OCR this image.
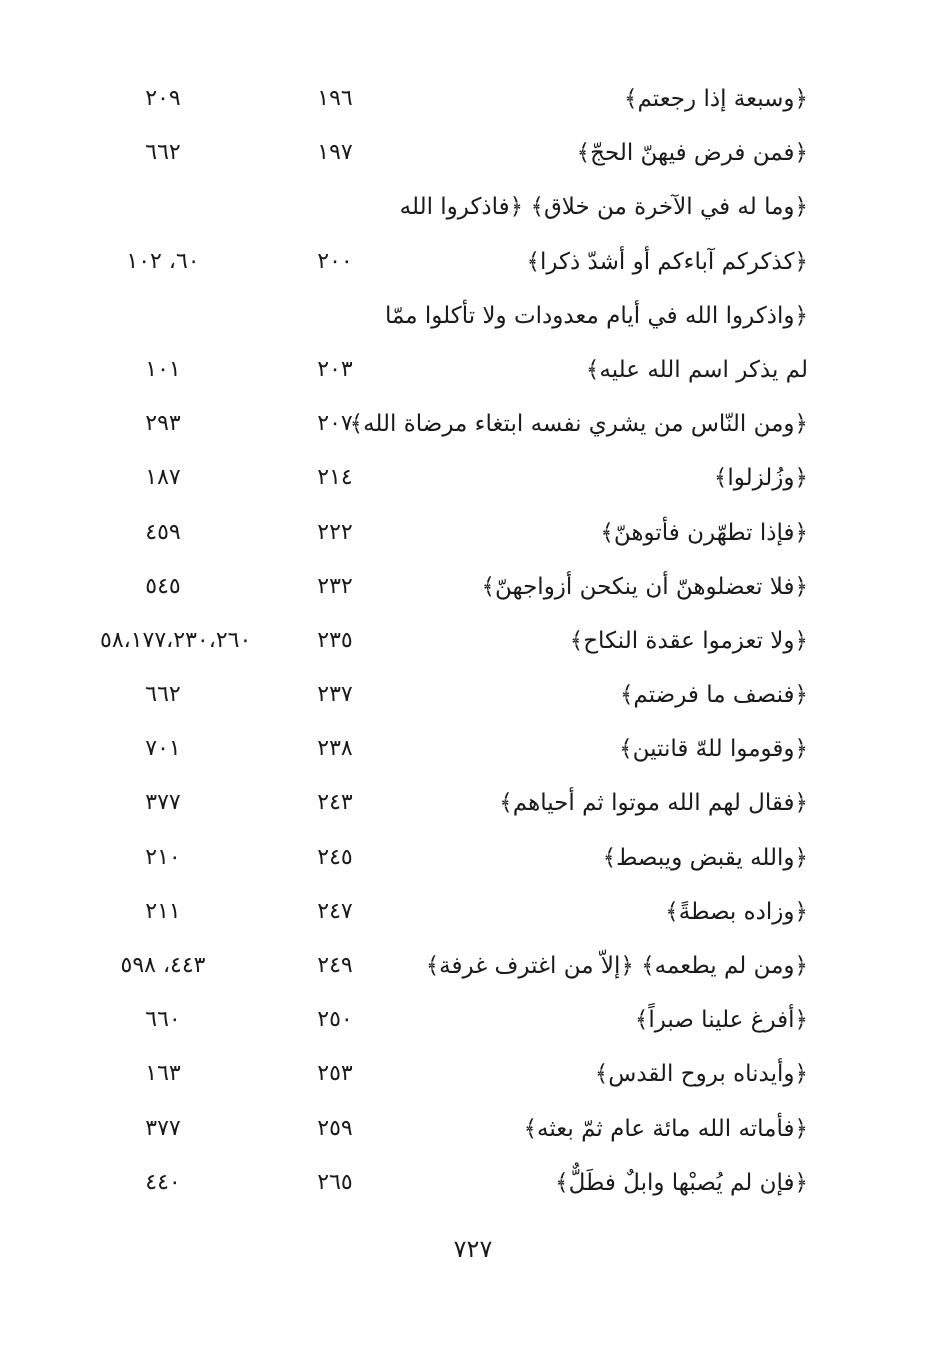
﴿وسبعة إذا رجعتم﴾
١٩٦
٢٠٩
﴿فمن فرض فيهنّ الحجّ﴾
١٩٧
٦٦٢
﴿وما له في الآخرة من خلاق﴾ ﴿فاذكروا الله
﴿كذكركم آباءكم أو أشدّ ذكرا﴾
٢٠٠
٦٠، ١٠٢
﴿واذكروا الله في أيام معدودات ولا تأكلوا ممّا
لم يذكر اسم الله عليه﴾
٢٠٣
١٠١
﴿ومن النّاس من يشري نفسه ابتغاء مرضاة الله﴾
٢٠٧
٢٩٣
﴿وزُلزلوا﴾
٢١٤
١٨٧
﴿فإذا تطهّرن فأتوهنّ﴾
٢٢٢
٤٥٩
﴿فلا تعضلوهنّ أن ينكحن أزواجهنّ﴾
٢٣٢
٥٤٥
﴿ولا تعزموا عقدة النكاح﴾
٢٣٥
٥٨،١٧٧،٢٣٠،٢٦٠
﴿فنصف ما فرضتم﴾
٢٣٧
٦٦٢
﴿وقوموا للهّ قانتين﴾
٢٣٨
٧٠١
﴿فقال لهم الله موتوا ثم أحياهم﴾
٢٤٣
٣٧٧
﴿والله يقبض ويبصط﴾
٢٤٥
٢١٠
﴿وزاده بصطةً﴾
٢٤٧
٢١١
﴿ومن لم يطعمه﴾ ﴿إلاّ من اغترف غرفة﴾
٢٤٩
٤٤٣، ٥٩٨
﴿أفرغ علينا صبراً﴾
٢٥٠
٦٦٠
﴿وأيدناه بروح القدس﴾
٢٥٣
١٦٣
﴿فأماته الله مائة عام ثمّ بعثه﴾
٢٥٩
٣٧٧
﴿فإن لم يُصبْها وابلٌ فطَلٌّ﴾
٢٦٥
٤٤٠
٧٢٧
